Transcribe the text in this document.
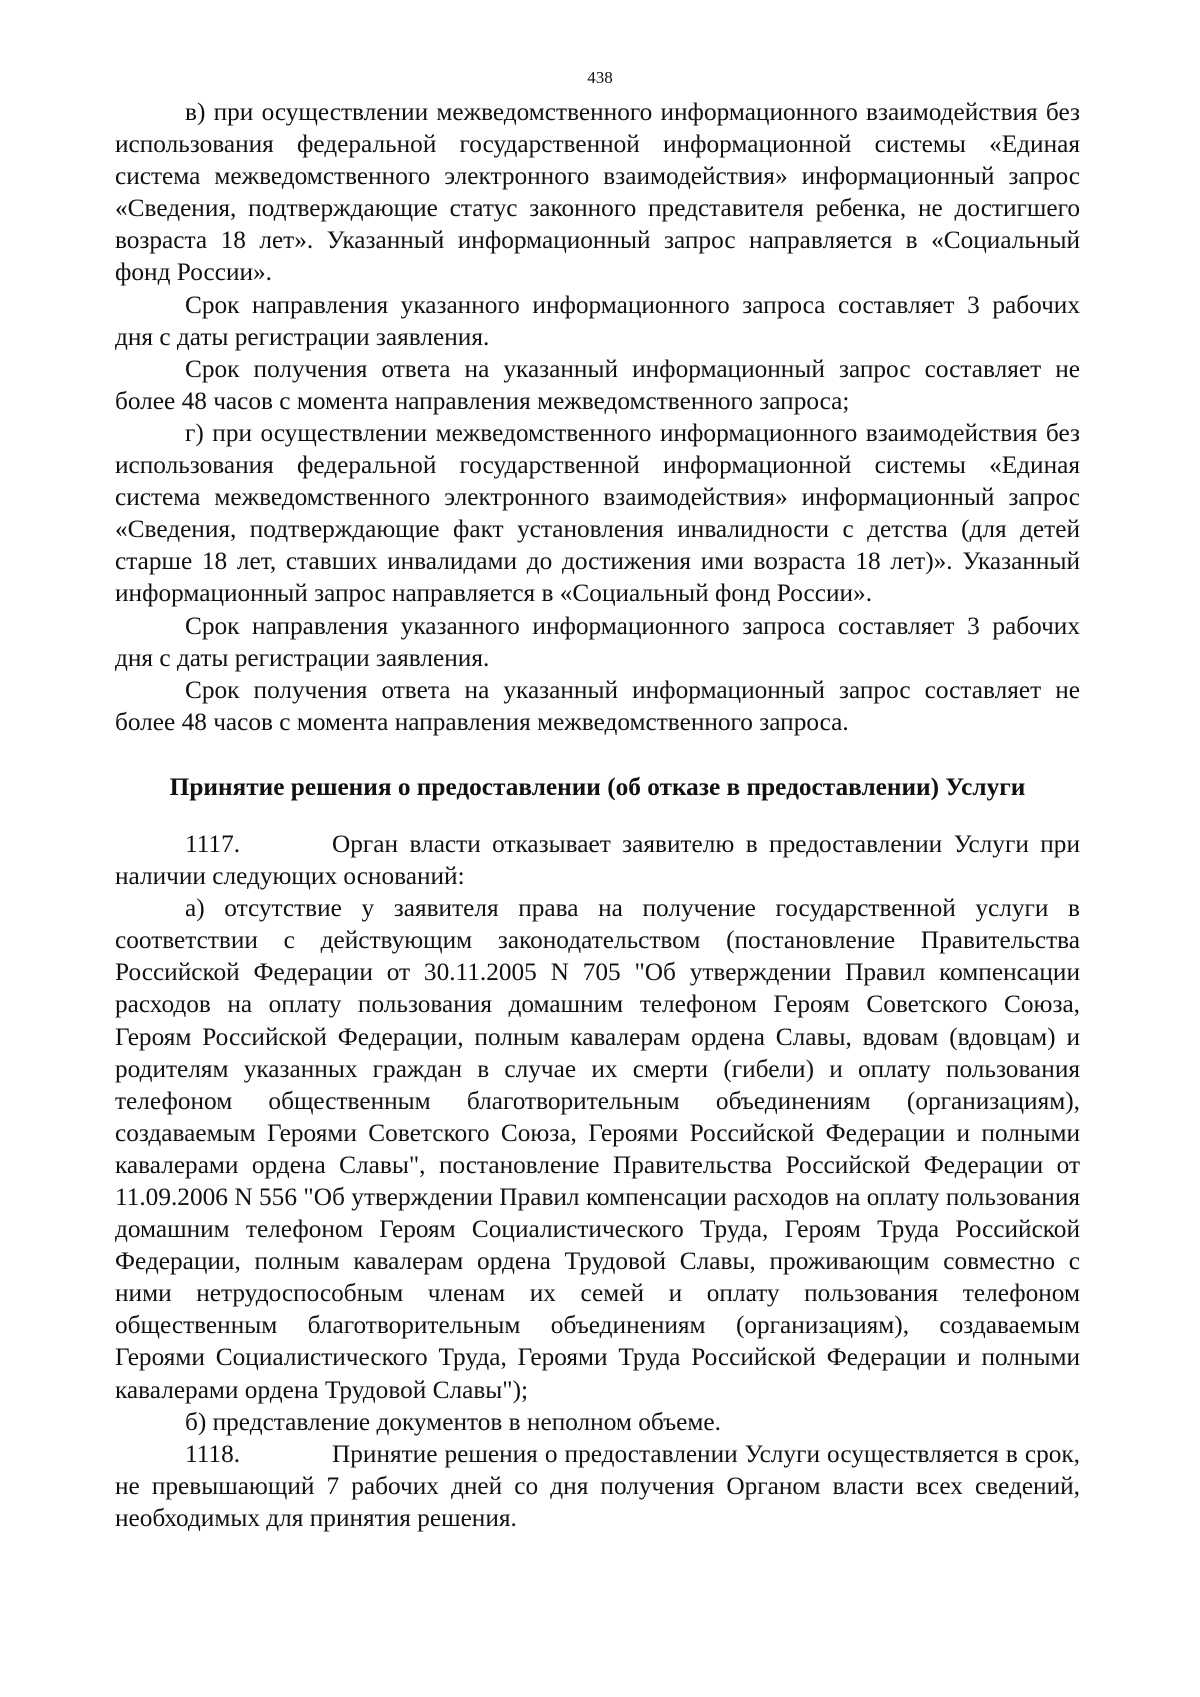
438

в) при осуществлении межведомственного информационного взаимодействия без использования федеральной государственной информационной системы «Единая система межведомственного электронного взаимодействия» информационный запрос «Сведения, подтверждающие статус законного представителя ребенка, не достигшего возраста 18 лет». Указанный информационный запрос направляется в «Социальный фонд России».

Срок направления указанного информационного запроса составляет 3 рабочих дня с даты регистрации заявления.

Срок получения ответа на указанный информационный запрос составляет не более 48 часов с момента направления межведомственного запроса;

г) при осуществлении межведомственного информационного взаимодействия без использования федеральной государственной информационной системы «Единая система межведомственного электронного взаимодействия» информационный запрос «Сведения, подтверждающие факт установления инвалидности с детства (для детей старше 18 лет, ставших инвалидами до достижения ими возраста 18 лет)». Указанный информационный запрос направляется в «Социальный фонд России».

Срок направления указанного информационного запроса составляет 3 рабочих дня с даты регистрации заявления.

Срок получения ответа на указанный информационный запрос составляет не более 48 часов с момента направления межведомственного запроса.

Принятие решения о предоставлении (об отказе в предоставлении) Услуги

1117.	Орган власти отказывает заявителю в предоставлении Услуги при наличии следующих оснований:

а) отсутствие у заявителя права на получение государственной услуги в соответствии с действующим законодательством (постановление Правительства Российской Федерации от 30.11.2005 N 705 "Об утверждении Правил компенсации расходов на оплату пользования домашним телефоном Героям Советского Союза, Героям Российской Федерации, полным кавалерам ордена Славы, вдовам (вдовцам) и родителям указанных граждан в случае их смерти (гибели) и оплату пользования телефоном общественным благотворительным объединениям (организациям), создаваемым Героями Советского Союза, Героями Российской Федерации и полными кавалерами ордена Славы", постановление Правительства Российской Федерации от 11.09.2006 N 556 "Об утверждении Правил компенсации расходов на оплату пользования домашним телефоном Героям Социалистического Труда, Героям Труда Российской Федерации, полным кавалерам ордена Трудовой Славы, проживающим совместно с ними нетрудоспособным членам их семей и оплату пользования телефоном общественным благотворительным объединениям (организациям), создаваемым Героями Социалистического Труда, Героями Труда Российской Федерации и полными кавалерами ордена Трудовой Славы");

б) представление документов в неполном объеме.

1118.	Принятие решения о предоставлении Услуги осуществляется в срок, не превышающий 7 рабочих дней со дня получения Органом власти всех сведений, необходимых для принятия решения.
